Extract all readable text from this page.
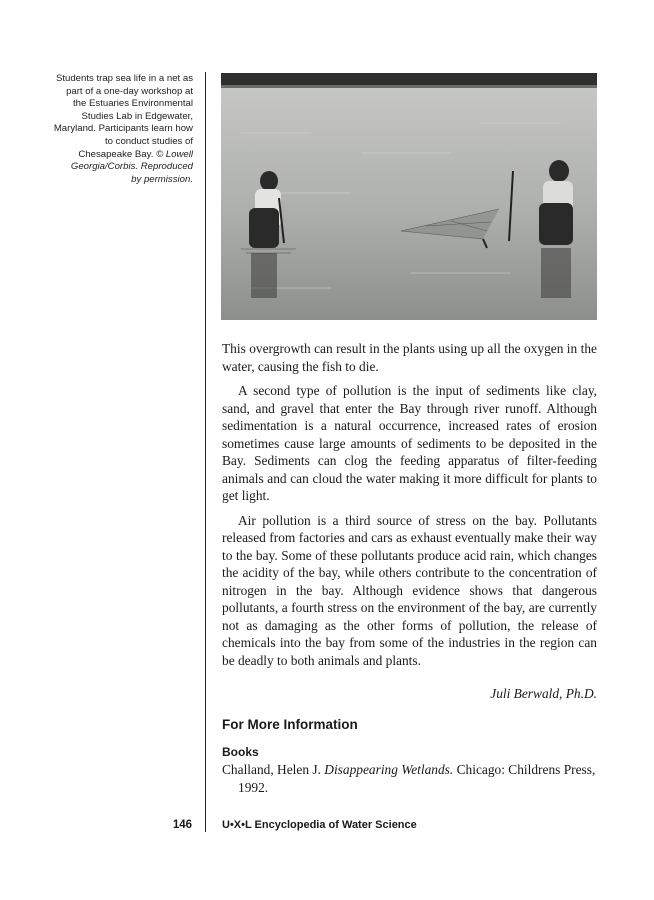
Students trap sea life in a net as
part of a one-day workshop at
the Estuaries Environmental
Studies Lab in Edgewater,
Maryland. Participants learn how
to conduct studies of
Chesapeake Bay. © Lowell
Georgia/Corbis. Reproduced
by permission.

This overgrowth can result in the plants using up all the oxygen in the water, causing the fish to die.

A second type of pollution is the input of sediments like clay, sand, and gravel that enter the Bay through river runoff. Although sedimentation is a natural occurrence, increased rates of erosion sometimes cause large amounts of sediments to be deposited in the Bay. Sediments can clog the feeding apparatus of filter-feeding animals and can cloud the water making it more difficult for plants to get light.

Air pollution is a third source of stress on the bay. Pollutants released from factories and cars as exhaust eventually make their way to the bay. Some of these pollutants produce acid rain, which changes the acidity of the bay, while others contribute to the concentration of nitrogen in the bay. Although evidence shows that dangerous pollutants, a fourth stress on the environment of the bay, are currently not as damaging as the other forms of pollution, the release of chemicals into the bay from some of the industries in the region can be deadly to both animals and plants.

Juli Berwald, Ph.D.
For More Information
Books
Challand, Helen J. Disappearing Wetlands. Chicago: Childrens Press, 1992.
146	U•X•L Encyclopedia of Water Science
